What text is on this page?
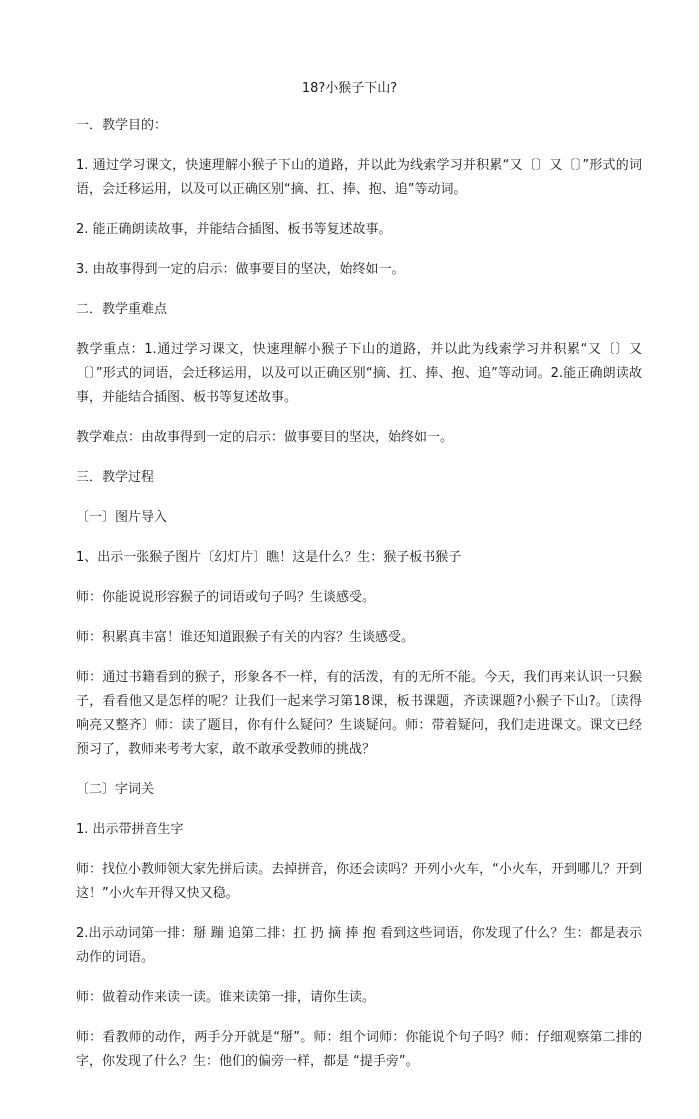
18?小猴子下山?
一．教学目的：
1. 通过学习课文，快速理解小猴子下山的道路，并以此为线索学习并积累“又〔〕又〔〕”形式的词语，会迁移运用，以及可以正确区别“摘、扛、捧、抱、追”等动词。
2. 能正确朗读故事，并能结合插图、板书等复述故事。
3. 由故事得到一定的启示：做事要目的坚决，始终如一。
二．教学重难点
教学重点：1.通过学习课文，快速理解小猴子下山的道路，并以此为线索学习并积累“又〔〕又〔〕”形式的词语，会迁移运用，以及可以正确区别“摘、扛、捧、抱、追”等动词。2.能正确朗读故事，并能结合插图、板书等复述故事。
教学难点：由故事得到一定的启示：做事要目的坚决，始终如一。
三．教学过程
〔一〕图片导入
1、出示一张猴子图片〔幻灯片〕瞧！这是什么？生：猴子板书猴子
师：你能说说形容猴子的词语或句子吗？生谈感受。
师：积累真丰富！谁还知道跟猴子有关的内容？生谈感受。
师：通过书籍看到的猴子，形象各不一样，有的活泼，有的无所不能。今天，我们再来认识一只猴子，看看他又是怎样的呢？让我们一起来学习第18课，板书课题，齐读课题?小猴子下山?。〔读得响亮又整齐〕师：读了题目，你有什么疑问？生谈疑问。师：带着疑问，我们走进课文。课文已经预习了，教师来考考大家，敢不敢承受教师的挑战？
〔二〕字词关
1. 出示带拼音生字
师：找位小教师领大家先拼后读。去掉拼音，你还会读吗？开列小火车，“小火车，开到哪儿？开到这！”小火车开得又快又稳。
2.出示动词第一排：掰 蹦 追第二排：扛 扔 摘 捧 抱 看到这些词语，你发现了什么？生：都是表示动作的词语。
师：做着动作来读一读。谁来读第一排，请你生读。
师：看教师的动作，两手分开就是“掰”。师：组个词师：你能说个句子吗？师：仔细观察第二排的字，你发现了什么？生：他们的偏旁一样，都是 “提手旁”。
